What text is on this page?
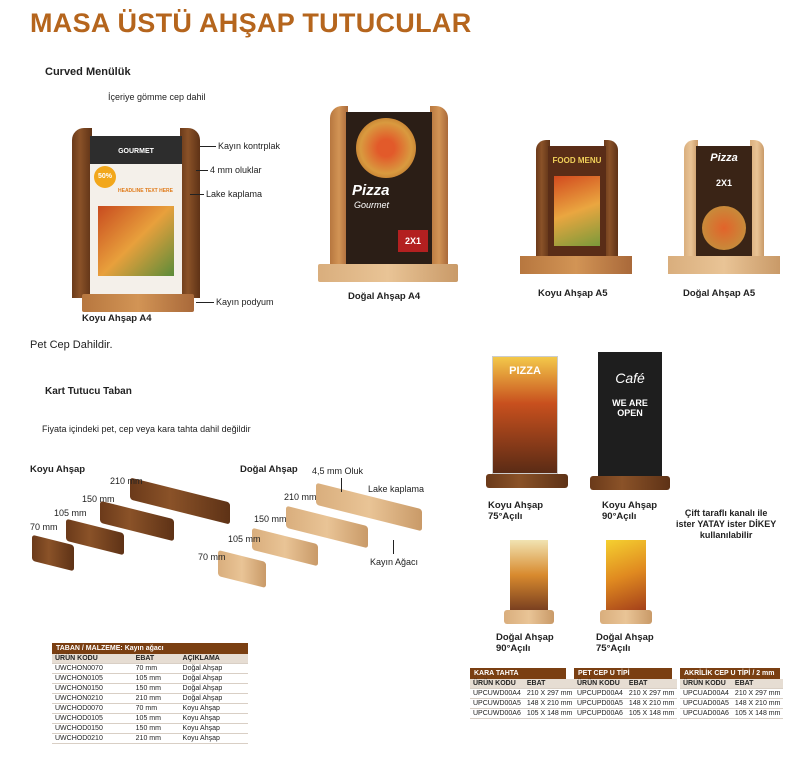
MASA ÜSTÜ AHŞAP TUTUCULAR
Curved Menülük
GOURMET
50%
HEADLINE TEXT HERE
İçeriye gömme cep dahil
Kayın kontrplak
4 mm oluklar
Lake kaplama
Kayın podyum
Koyu Ahşap A4
Pizza
Gourmet
2X1
Doğal Ahşap A4
FOOD MENU
Koyu Ahşap A5
Pizza
2X1
Doğal Ahşap A5
Pet Cep Dahildir.
Kart Tutucu Taban
Fiyata içindeki pet, cep veya kara tahta dahil değildir
Koyu Ahşap	Doğal Ahşap
210 mm
150 mm
105 mm
70 mm
210 mm
150 mm
105 mm
70 mm
4,5 mm Oluk
Lake kaplama
Kayın Ağacı
PIZZA
Koyu Ahşap
75°Açılı
Café
WE ARE
OPEN
Koyu Ahşap
90°Açılı	Çift taraflı kanalı ile
ister YATAY ister DİKEY
kullanılabilir
Doğal Ahşap
90°Açılı
Doğal Ahşap
75°Açılı
TABAN / MALZEME: Kayın ağacı
ÜRÜN KODU	EBAT	AÇIKLAMA
UWCHON0070	70 mm	Doğal Ahşap
UWCHON0105	105 mm	Doğal Ahşap
UWCHON0150	150 mm	Doğal Ahşap
UWCHON0210	210 mm	Doğal Ahşap
UWCHOD0070	70 mm	Koyu Ahşap
UWCHOD0105	105 mm	Koyu Ahşap
UWCHOD0150	150 mm	Koyu Ahşap
UWCHOD0210	210 mm	Koyu Ahşap
KARA TAHTA
ÜRÜN KODU	EBAT
UPCUWD00A4	210 X 297 mm
UPCUWD00A5	148 X 210 mm
UPCUWD00A6	105 X 148 mm
PET CEP U TİPİ
ÜRÜN KODU	EBAT
UPCUPD00A4	210 X 297 mm
UPCUPD00A5	148 X 210 mm
UPCUPD00A6	105 X 148 mm
AKRİLİK CEP U TİPİ / 2 mm
ÜRÜN KODU	EBAT
UPCUAD00A4	210 X 297 mm
UPCUAD00A5	148 X 210 mm
UPCUAD00A6	105 X 148 mm
